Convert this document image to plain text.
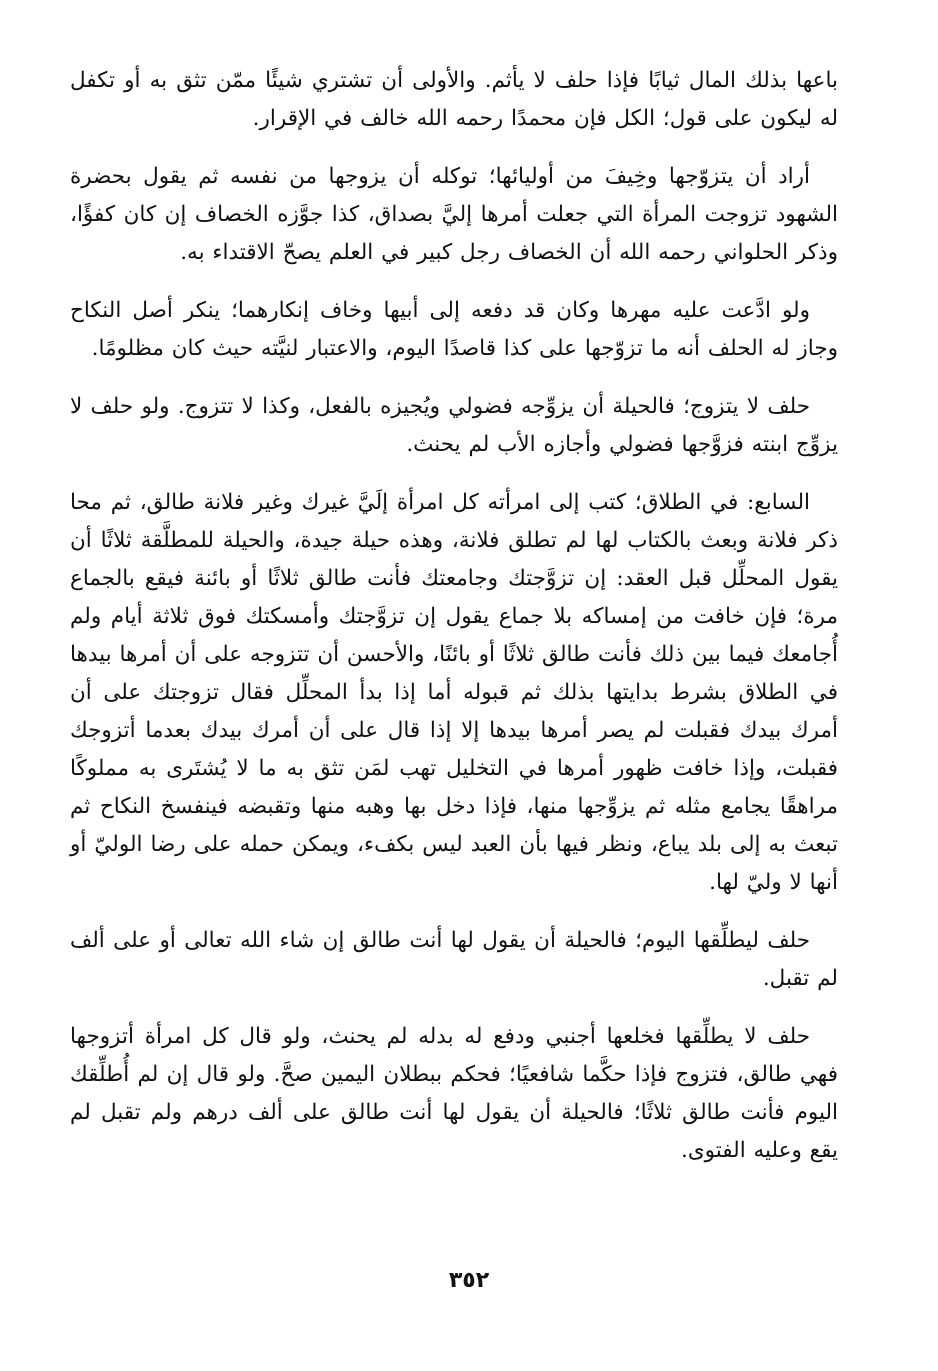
باعها بذلك المال ثيابًا فإذا حلف لا يأثم. والأولى أن تشتري شيئًا ممّن تثق به أو تكفل له ليكون على قول؛ الكل فإن محمدًا رحمه الله خالف في الإقرار.

أراد أن يتزوّجها وخِيفَ من أوليائها؛ توكله أن يزوجها من نفسه ثم يقول بحضرة الشهود تزوجت المرأة التي جعلت أمرها إليَّ بصداق، كذا جوَّزه الخصاف إن كان كفؤًا، وذكر الحلواني رحمه الله أن الخصاف رجل كبير في العلم يصحّ الاقتداء به.

ولو ادَّعت عليه مهرها وكان قد دفعه إلى أبيها وخاف إنكارهما؛ ينكر أصل النكاح وجاز له الحلف أنه ما تزوّجها على كذا قاصدًا اليوم، والاعتبار لنيَّته حيث كان مظلومًا.

حلف لا يتزوج؛ فالحيلة أن يزوِّجه فضولي ويُجيزه بالفعل، وكذا لا تتزوج. ولو حلف لا يزوِّج ابنته فزوَّجها فضولي وأجازه الأب لم يحنث.

السابع: في الطلاق؛ كتب إلى امرأته كل امرأة إلَيَّ غيرك وغير فلانة طالق، ثم محا ذكر فلانة وبعث بالكتاب لها لم تطلق فلانة، وهذه حيلة جيدة، والحيلة للمطلَّقة ثلاثًا أن يقول المحلِّل قبل العقد: إن تزوَّجتك وجامعتك فأنت طالق ثلاثًا أو بائنة فيقع بالجماع مرة؛ فإن خافت من إمساكه بلا جماع يقول إن تزوَّجتك وأمسكتك فوق ثلاثة أيام ولم أُجامعك فيما بين ذلك فأنت طالق ثلاثًا أو بائنًا، والأحسن أن تتزوجه على أن أمرها بيدها في الطلاق بشرط بدايتها بذلك ثم قبوله أما إذا بدأ المحلِّل فقال تزوجتك على أن أمرك بيدك فقبلت لم يصر أمرها بيدها إلا إذا قال على أن أمرك بيدك بعدما أتزوجك فقبلت، وإذا خافت ظهور أمرها في التخليل تهب لمَن تثق به ما لا يُشتَرى به مملوكًا مراهقًا يجامع مثله ثم يزوِّجها منها، فإذا دخل بها وهبه منها وتقبضه فينفسخ النكاح ثم تبعث به إلى بلد يباع، ونظر فيها بأن العبد ليس بكفء، ويمكن حمله على رضا الوليّ أو أنها لا وليّ لها.

حلف ليطلِّقها اليوم؛ فالحيلة أن يقول لها أنت طالق إن شاء الله تعالى أو على ألف لم تقبل.

حلف لا يطلِّقها فخلعها أجنبي ودفع له بدله لم يحنث، ولو قال كل امرأة أتزوجها فهي طالق، فتزوج فإذا حكَّما شافعيًا؛ فحكم ببطلان اليمين صحَّ. ولو قال إن لم أُطلِّقك اليوم فأنت طالق ثلاثًا؛ فالحيلة أن يقول لها أنت طالق على ألف درهم ولم تقبل لم يقع وعليه الفتوى.

٣٥٢
